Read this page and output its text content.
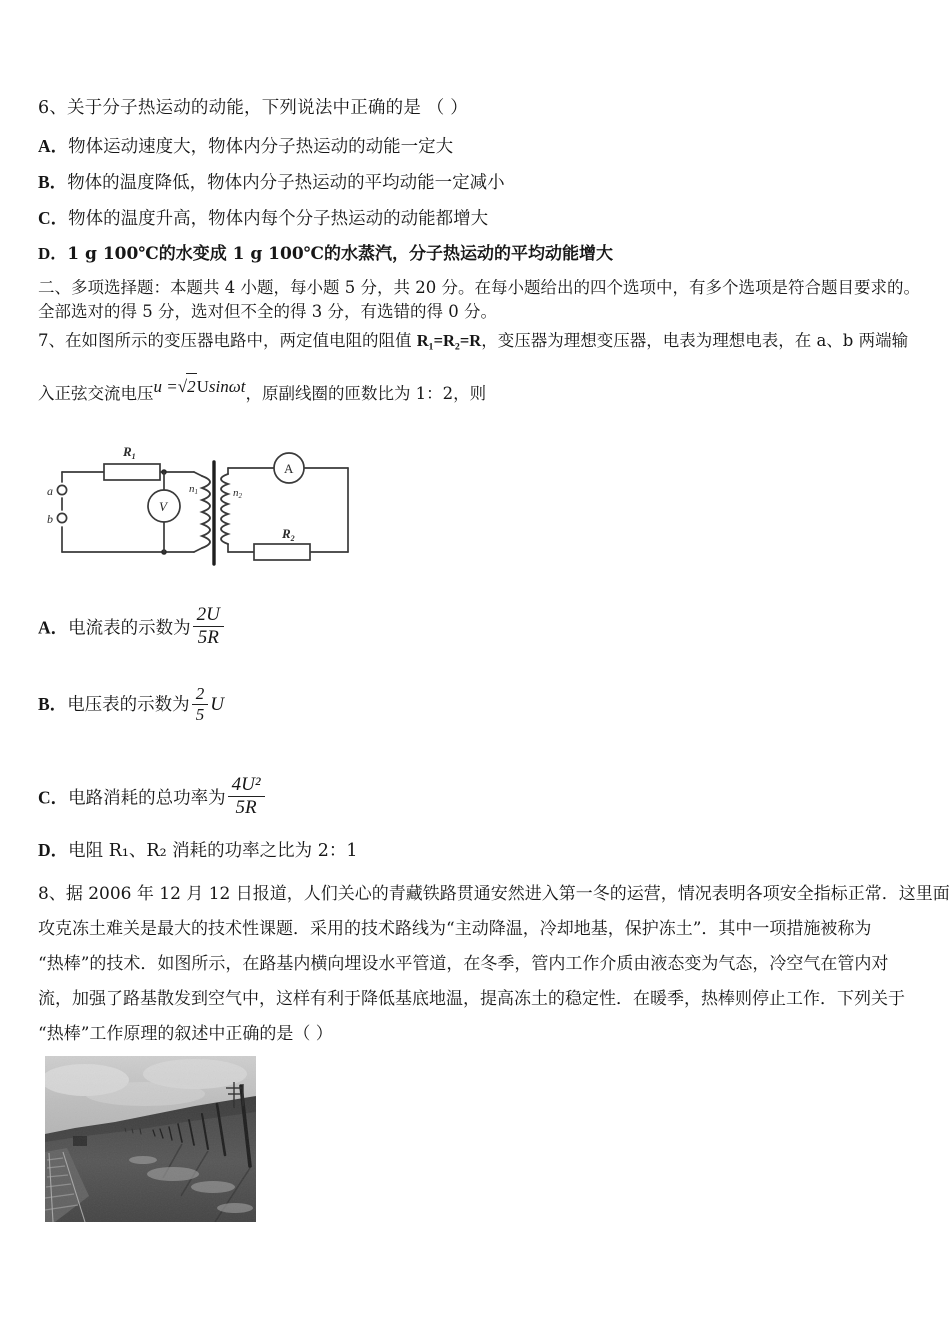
6、关于分子热运动的动能，下列说法中正确的是 （ ）
A．物体运动速度大，物体内分子热运动的动能一定大
B．物体的温度降低，物体内分子热运动的平均动能一定减小
C．物体的温度升高，物体内每个分子热运动的动能都增大
D．1 g 100℃的水变成 1 g 100℃的水蒸汽，分子热运动的平均动能增大
二、多项选择题：本题共 4 小题，每小题 5 分，共 20 分。在每小题给出的四个选项中，有多个选项是符合题目要求的。
全部选对的得 5 分，选对但不全的得 3 分，有选错的得 0 分。
7、在如图所示的变压器电路中，两定值电阻的阻值 R₁=R₂=R，变压器为理想变压器，电表为理想电表，在 a、b 两端输
入正弦交流电压u =√2Usinωt，原副线圈的匝数比为 1：2，则
$R_1$
$R_2$
V
A
n1	n2
a
b
A．电流表的示数为 $\frac{2U}{5R}$
B．电压表的示数为 $\frac{2}{5}$ U
C．电路消耗的总功率为 $\frac{\text{4U²}}{5R}$
D．电阻 R₁、R₂ 消耗的功率之比为 2：1
8、据 2006 年 12 月 12 日报道，人们关心的青藏铁路贯通安然进入第一冬的运营，情况表明各项安全指标正常．这里面
攻克冻土难关是最大的技术性课题．采用的技术路线为“主动降温，冷却地基，保护冻土”．其中一项措施被称为
“热棒”的技术．如图所示，在路基内横向埋设水平管道，在冬季，管内工作介质由液态变为气态，冷空气在管内对
流，加强了路基散发到空气中，这样有利于降低基底地温，提高冻土的稳定性．在暖季，热棒则停止工作．下列关于
“热棒”工作原理的叙述中正确的是（ ）
